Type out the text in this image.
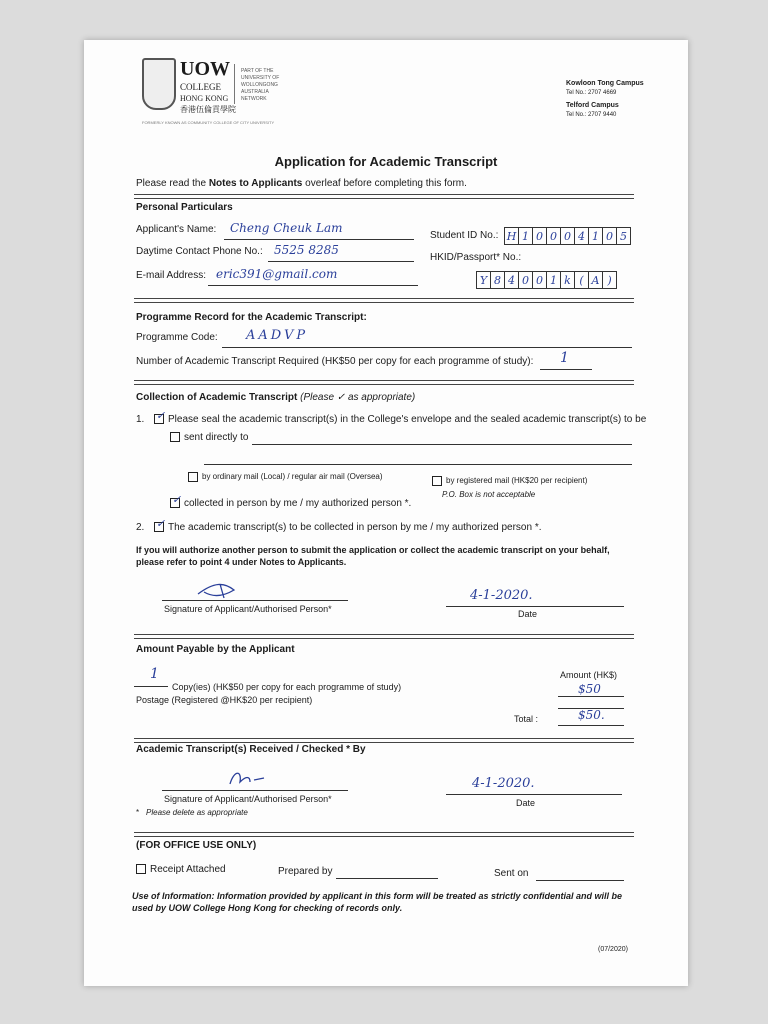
UOW
COLLEGE
HONG KONG
香港伍倫貢學院
PART OF THE UNIVERSITY OF WOLLONGONG AUSTRALIA NETWORK
FORMERLY KNOWN AS COMMUNITY COLLEGE OF CITY UNIVERSITY
Kowloon Tong Campus
Tel No.: 2707 4669
Telford Campus
Tel No.: 2707 9440
Application for Academic Transcript
Please read the Notes to Applicants overleaf before completing this form.
Personal Particulars
Applicant's Name: Cheng Cheuk Lam
Daytime Contact Phone No.: 5525 8285
E-mail Address: eric391@gmail.com
Student ID No.: H 1 0 0 0 4 1 0 5
HKID/Passport* No.:
Y 8 4 0 0 1 k ( A )
Programme Record for the Academic Transcript:
Programme Code: AADVP
Number of Academic Transcript Required (HK$50 per copy for each programme of study): 1
Collection of Academic Transcript (Please ✓ as appropriate)
1. ✓ Please seal the academic transcript(s) in the College's envelope and the sealed academic transcript(s) to be
sent directly to
by ordinary mail (Local) / regular air mail (Oversea)	by registered mail (HK$20 per recipient)
P.O. Box is not acceptable
✓ collected in person by me / my authorized person *.
2. ✓ The academic transcript(s) to be collected in person by me / my authorized person *.
If you will authorize another person to submit the application or collect the academic transcript on your behalf, please refer to point 4 under Notes to Applicants.
Signature of Applicant/Authorised Person*
4-1-2020.
Date
Amount Payable by the Applicant
Amount (HK$)
1
Copy(ies) (HK$50 per copy for each programme of study)	$50
Postage (Registered @HK$20 per recipient)
Total :	$50.
Academic Transcript(s) Received / Checked * By
Signature of Applicant/Authorised Person*
4-1-2020.
Date
* Please delete as appropriate
(FOR OFFICE USE ONLY)
Receipt Attached	Prepared by	Sent on
Use of Information: Information provided by applicant in this form will be treated as strictly confidential and will be used by UOW College Hong Kong for checking of records only.
(07/2020)
